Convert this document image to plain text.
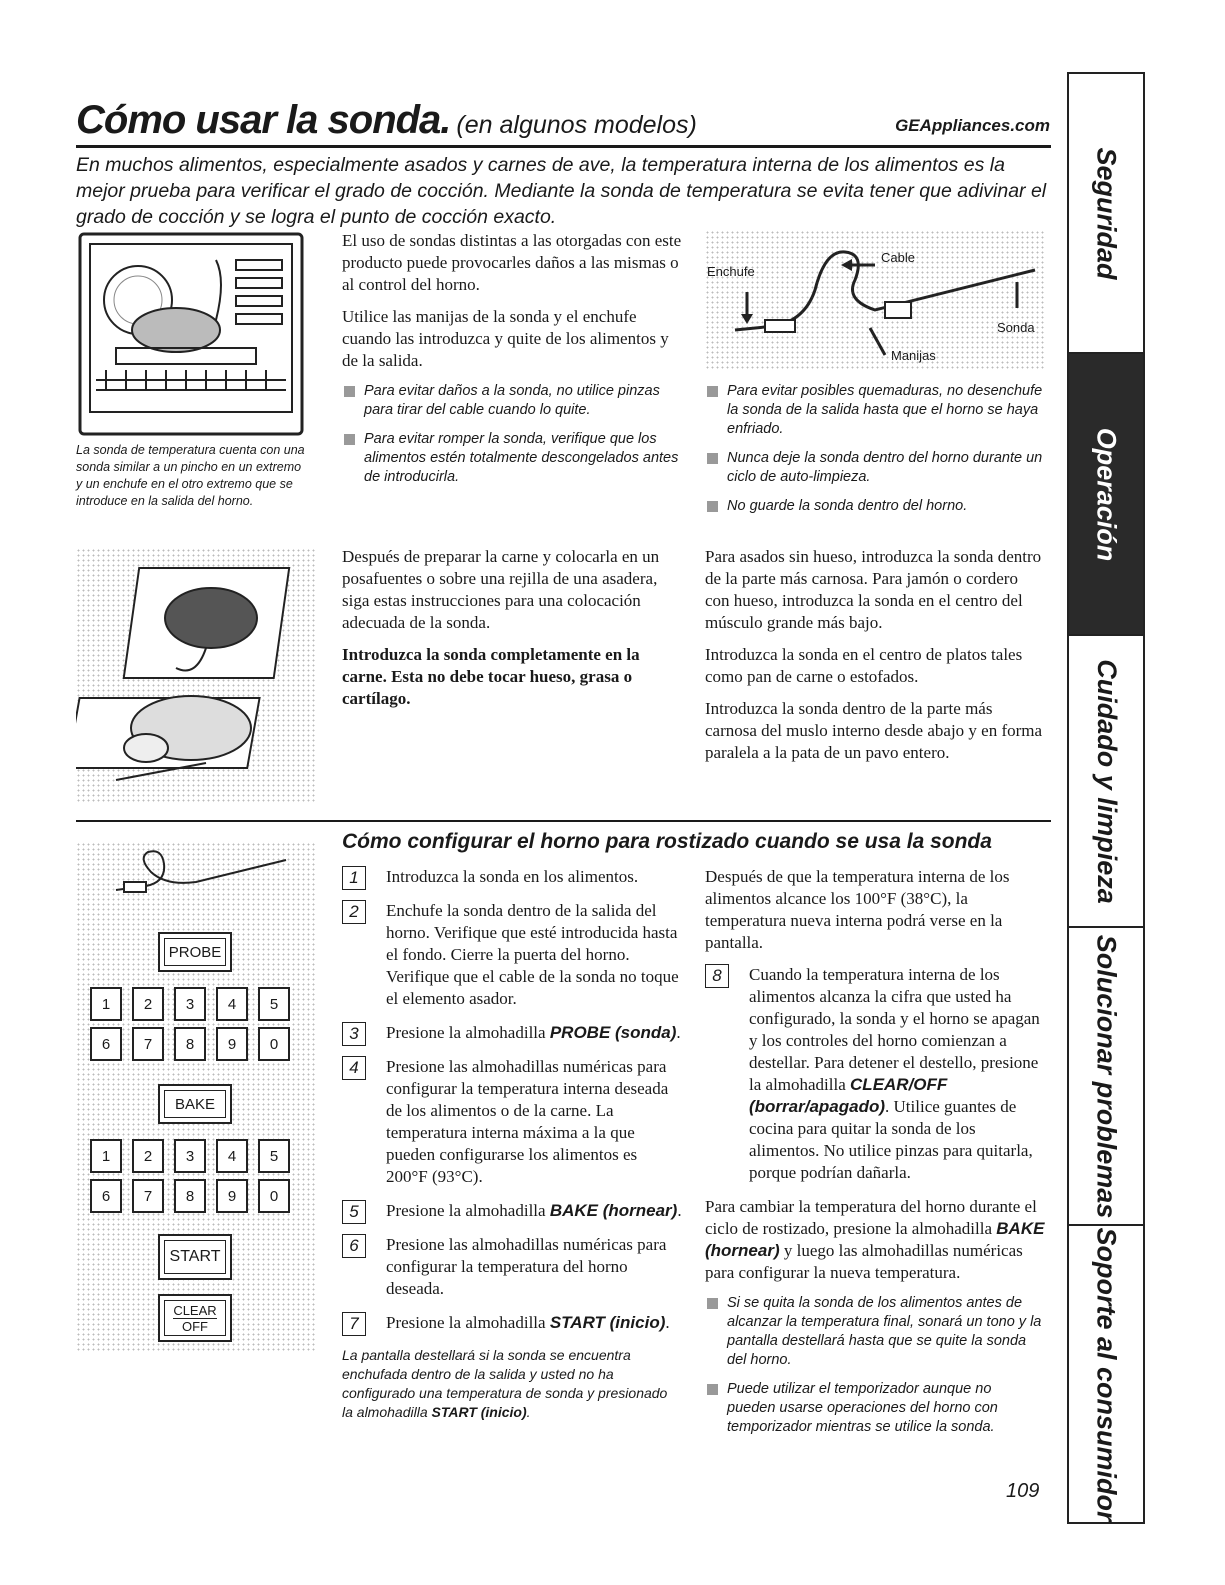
Cómo usar la sonda. (en algunos modelos)	GEAppliances.com
En muchos alimentos, especialmente asados y carnes de ave, la temperatura interna de los alimentos es la mejor prueba para verificar el grado de cocción. Mediante la sonda de temperatura se evita tener que adivinar el grado de cocción y se logra el punto de cocción exacto.
La sonda de temperatura cuenta con una sonda similar a un pincho en un extremo y un enchufe en el otro extremo que se introduce en la salida del horno.

El uso de sondas distintas a las otorgadas con este producto puede provocarles daños a las mismas o al control del horno.

Utilice las manijas de la sonda y el enchufe cuando las introduzca y quite de los alimentos y de la salida.

Para evitar daños a la sonda, no utilice pinzas para tirar del cable cuando lo quite.
Para evitar romper la sonda, verifique que los alimentos estén totalmente descongelados antes de introducirla.
Enchufe
Cable
Sonda
Manijas
Para evitar posibles quemaduras, no desenchufe la sonda de la salida hasta que el horno se haya enfriado.
Nunca deje la sonda dentro del horno durante un ciclo de auto-limpieza.
No guarde la sonda dentro del horno.

Después de preparar la carne y colocarla en un posafuentes o sobre una rejilla de una asadera, siga estas instrucciones para una colocación adecuada de la sonda.

Introduzca la sonda completamente en la carne. Esta no debe tocar hueso, grasa o cartílago.

Para asados sin hueso, introduzca la sonda dentro de la parte más carnosa. Para jamón o cordero con hueso, introduzca la sonda en el centro del músculo grande más bajo.

Introduzca la sonda en el centro de platos tales como pan de carne o estofados.

Introduzca la sonda dentro de la parte más carnosa del muslo interno desde abajo y en forma paralela a la pata de un pavo entero.

Cómo configurar el horno para rostizado cuando se usa la sonda
PROBE
1	2	3	4	5
6	7	8	9	0
BAKE
1	2	3	4	5
6	7	8	9	0
START
CLEAR
OFF
1	Introduzca la sonda en los alimentos.
2	Enchufe la sonda dentro de la salida del horno. Verifique que esté introducida hasta el fondo. Cierre la puerta del horno. Verifique que el cable de la sonda no toque el elemento asador.
3	Presione la almohadilla PROBE (sonda).
4	Presione las almohadillas numéricas para configurar la temperatura interna deseada de los alimentos o de la carne. La temperatura interna máxima a la que pueden configurarse los alimentos es 200°F (93°C).
5	Presione la almohadilla BAKE (hornear).
6	Presione las almohadillas numéricas para configurar la temperatura del horno deseada.
7	Presione la almohadilla START (inicio).
La pantalla destellará si la sonda se encuentra enchufada dentro de la salida y usted no ha configurado una temperatura de sonda y presionado la almohadilla START (inicio).

Después de que la temperatura interna de los alimentos alcance los 100°F (38°C), la temperatura nueva interna podrá verse en la pantalla.

8	Cuando la temperatura interna de los alimentos alcanza la cifra que usted ha configurado, la sonda y el horno se apagan y los controles del horno comienzan a destellar. Para detener el destello, presione la almohadilla CLEAR/OFF (borrar/apagado). Utilice guantes de cocina para quitar la sonda de los alimentos. No utilice pinzas para quitarla, porque podrían dañarla.

Para cambiar la temperatura del horno durante el ciclo de rostizado, presione la almohadilla BAKE (hornear) y luego las almohadillas numéricas para configurar la nueva temperatura.

Si se quita la sonda de los alimentos antes de alcanzar la temperatura final, sonará un tono y la pantalla destellará hasta que se quite la sonda del horno.
Puede utilizar el temporizador aunque no pueden usarse operaciones del horno con temporizador mientras se utilice la sonda.
109
Seguridad
Operación
Cuidado y limpieza
Solucionar problemas
Soporte al consumidor
